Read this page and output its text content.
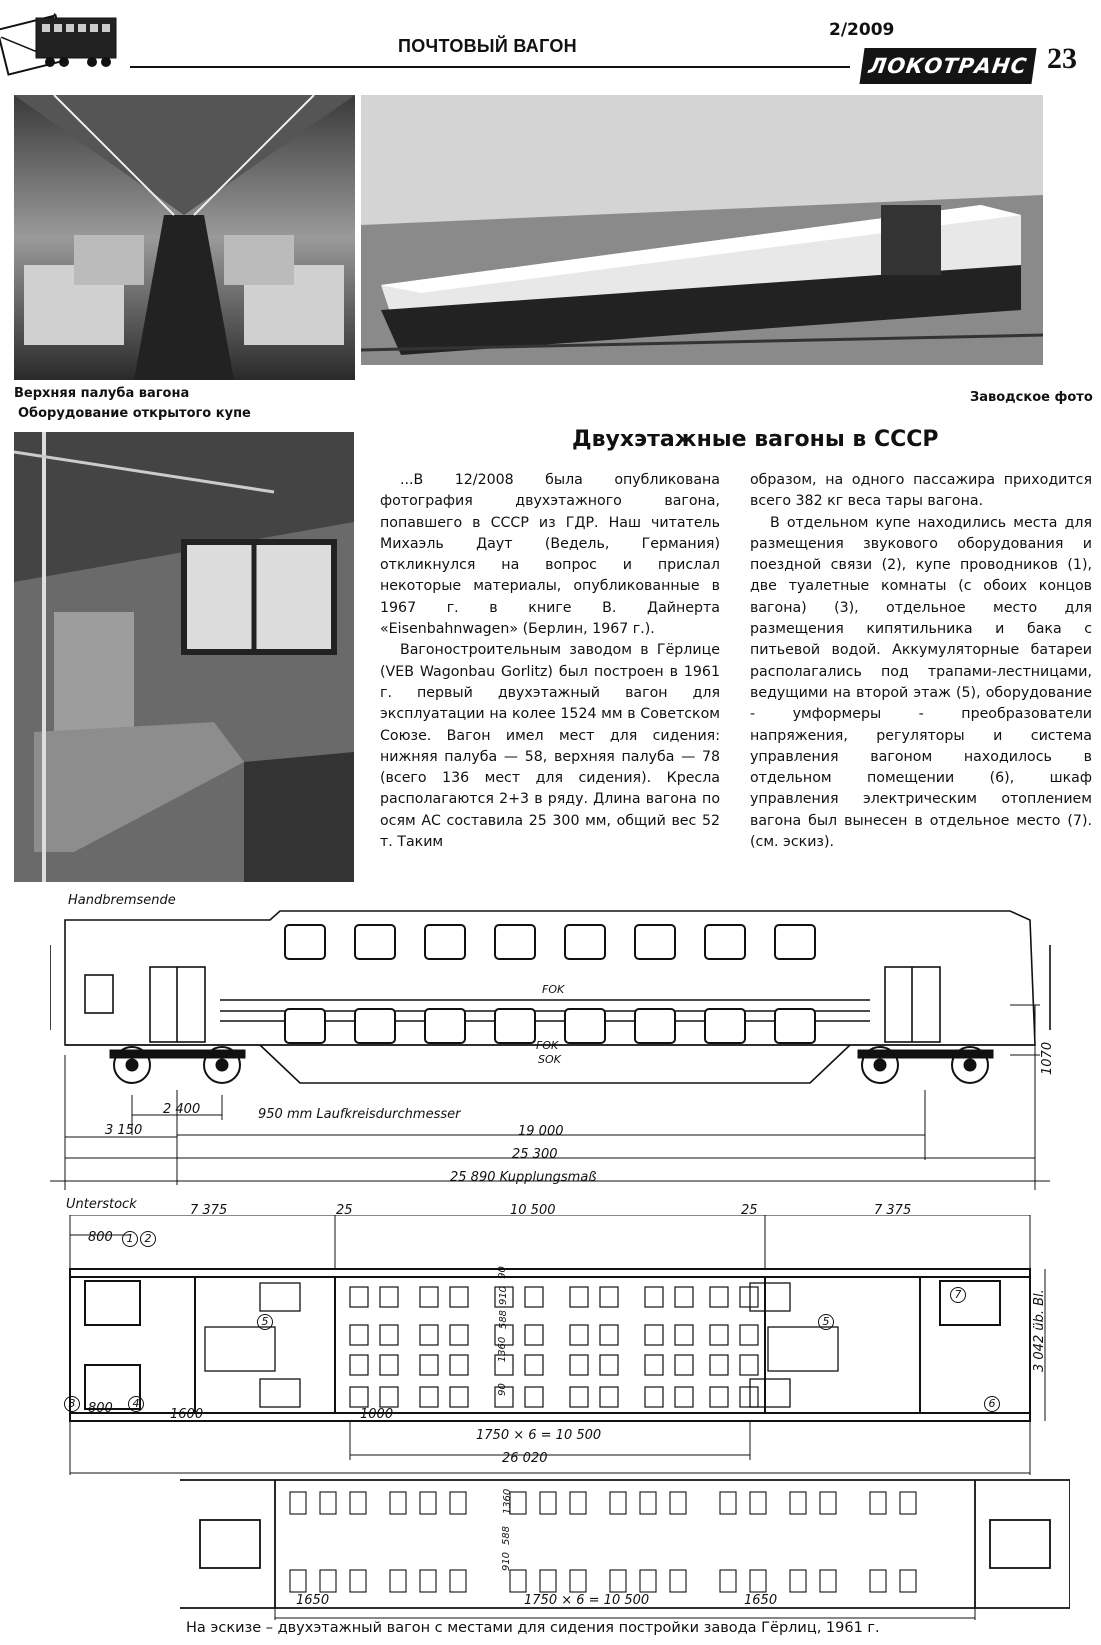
ПОЧТОВЫЙ ВАГОН
2/2009
ЛОКОТРАНС 23
Верхняя палуба вагона	Заводское фото
Оборудование открытого купе
Двухэтажные вагоны в СССР

...В 12/2008 была опубликована фотография двухэтажного вагона, попавшего в СССР из ГДР. Наш читатель Михаэль Даут (Ведель, Германия) откликнулся на вопрос и прислал некоторые материалы, опубликованные в 1967 г. в книге В. Дайнерта «Eisenbahnwagen» (Берлин, 1967 г.).

Вагоностроительным заводом в Гёрлице (VEB Wagonbau Gorlitz) был построен в 1961 г. первый двухэтажный вагон для эксплуатации на колее 1524 мм в Советском Союзе. Вагон имел мест для сидения: нижняя палуба — 58, верхняя палуба — 78 (всего 136 мест для сидения). Кресла располагаются 2+3 в ряду. Длина вагона по осям АС составила 25 300 мм, общий вес 52 т. Таким

образом, на одного пассажира приходится всего 382 кг веса тары вагона.

В отдельном купе находились места для размещения звукового оборудования и поездной связи (2), купе проводников (1), две туалетные комнаты (с обоих концов вагона) (3), отдельное место для размещения кипятильника и бака с питьевой водой. Аккумуляторные батареи располагались под трапами-лестницами, ведущими на второй этаж (5), оборудование - умформеры - преобразователи напряжения, регуляторы и система управления вагоном находилось в отдельном помещении (6), шкаф управления электрическим отоплением вагона был вынесен в отдельное место (7). (см. эскиз).

Handbremsende
FOK
FOK
SOK	1070
2 400	950 mm Laufkreisdurchmesser
3 150	19 000
25 300
25 890 Kupplungsmaß
Unterstock	7 375	25	10 500	25	7 375
800	1	2
3	4
5	5
6
7
90
910
588
1360
90
3 042 üb. Bl.
800	1600	1000
1750 × 6 = 10 500
26 020
1360
588
910
1650	1750 × 6 = 10 500	1650
На эскизе – двухэтажный вагон с местами для сидения постройки завода Гёрлиц, 1961 г.
